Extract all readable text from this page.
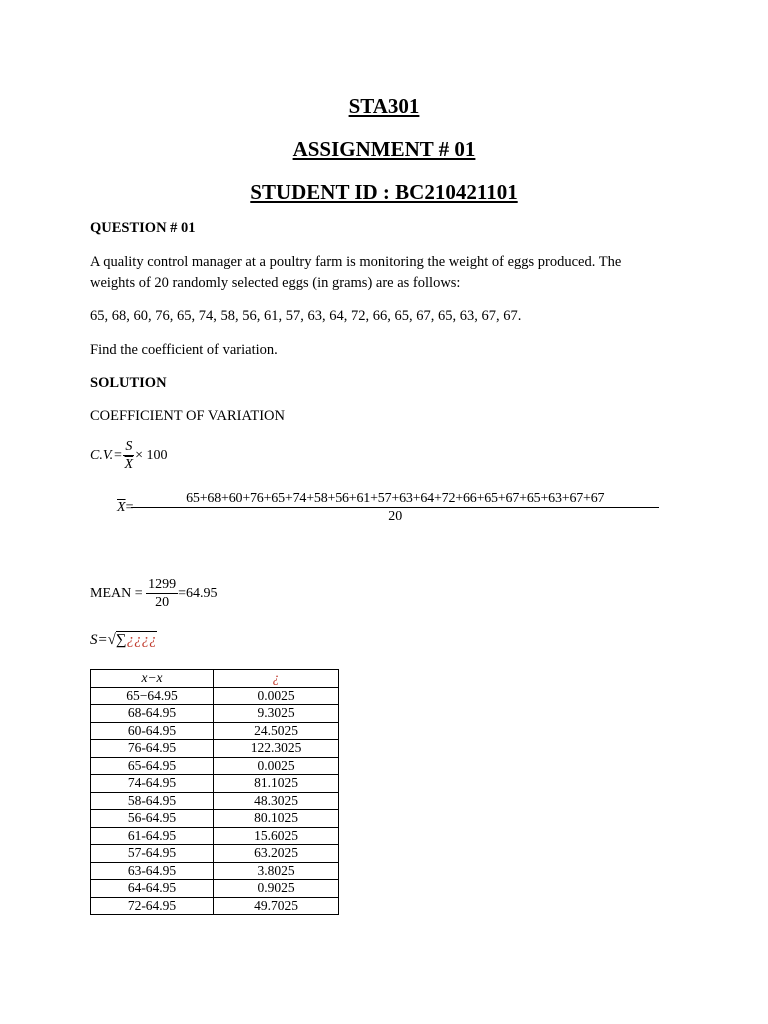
STA301
ASSIGNMENT # 01
STUDENT ID : BC210421101

QUESTION # 01

A quality control manager at a poultry farm is monitoring the weight of eggs produced. The
weights of 20 randomly selected eggs (in grams) are as follows:

65, 68, 60, 76, 65, 74, 58, 56, 61, 57, 63, 64, 72, 66, 65, 67, 65, 63, 67, 67.

Find the coefficient of variation.

SOLUTION

COEFFICIENT OF VARIATION

$C.V.= \frac{S}{X} \times 100$
$\overline{X} = \frac{65+68+60+76+65+74+58+56+61+57+63+64+72+66+65+67+65+63+67+67}{20}$
MEAN = $\frac{1299}{20} =64.95$
S=√∑¿¿¿¿
x−x	¿
65−64.95	0.0025
68-64.95	9.3025
60-64.95	24.5025
76-64.95	122.3025
65-64.95	0.0025
74-64.95	81.1025
58-64.95	48.3025
56-64.95	80.1025
61-64.95	15.6025
57-64.95	63.2025
63-64.95	3.8025
64-64.95	0.9025
72-64.95	49.7025
